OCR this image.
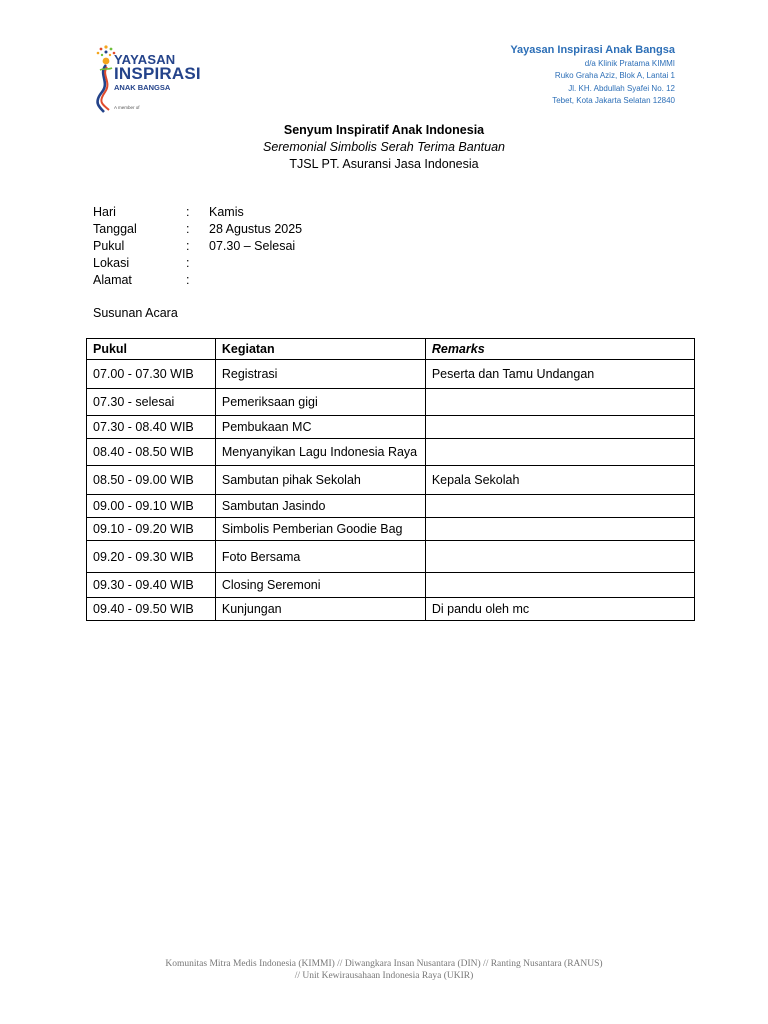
YAYASAN
INSPIRASI
ANAK BANGSA
A member of
Yayasan Inspirasi Anak Bangsa
d/a Klinik Pratama KIMMI
Ruko Graha Aziz, Blok A, Lantai 1
Jl. KH. Abdullah Syafei No. 12
Tebet, Kota Jakarta Selatan 12840
Senyum Inspiratif Anak Indonesia
Seremonial Simbolis Serah Terima Bantuan
TJSL PT. Asuransi Jasa Indonesia
Hari	: Kamis
Tanggal	: 28 Agustus 2025
Pukul	: 07.30 – Selesai
Lokasi	:
Alamat	:
Susunan Acara
Pukul	Kegiatan	Remarks
07.00 - 07.30 WIB	Registrasi	Peserta dan Tamu Undangan
07.30 - selesai	Pemeriksaan gigi	
07.30 - 08.40 WIB	Pembukaan MC	
08.40 - 08.50 WIB	Menyanyikan Lagu Indonesia Raya	
08.50 - 09.00 WIB	Sambutan pihak Sekolah	Kepala Sekolah
09.00 - 09.10 WIB	Sambutan Jasindo	
09.10 - 09.20 WIB	Simbolis Pemberian Goodie Bag	
09.20 - 09.30 WIB	Foto Bersama	
09.30 - 09.40 WIB	Closing Seremoni	
09.40 - 09.50 WIB	Kunjungan	Di pandu oleh mc
Komunitas Mitra Medis Indonesia (KIMMI) // Diwangkara Insan Nusantara (DIN) // Ranting Nusantara (RANUS)
// Unit Kewirausahaan Indonesia Raya (UKIR)
